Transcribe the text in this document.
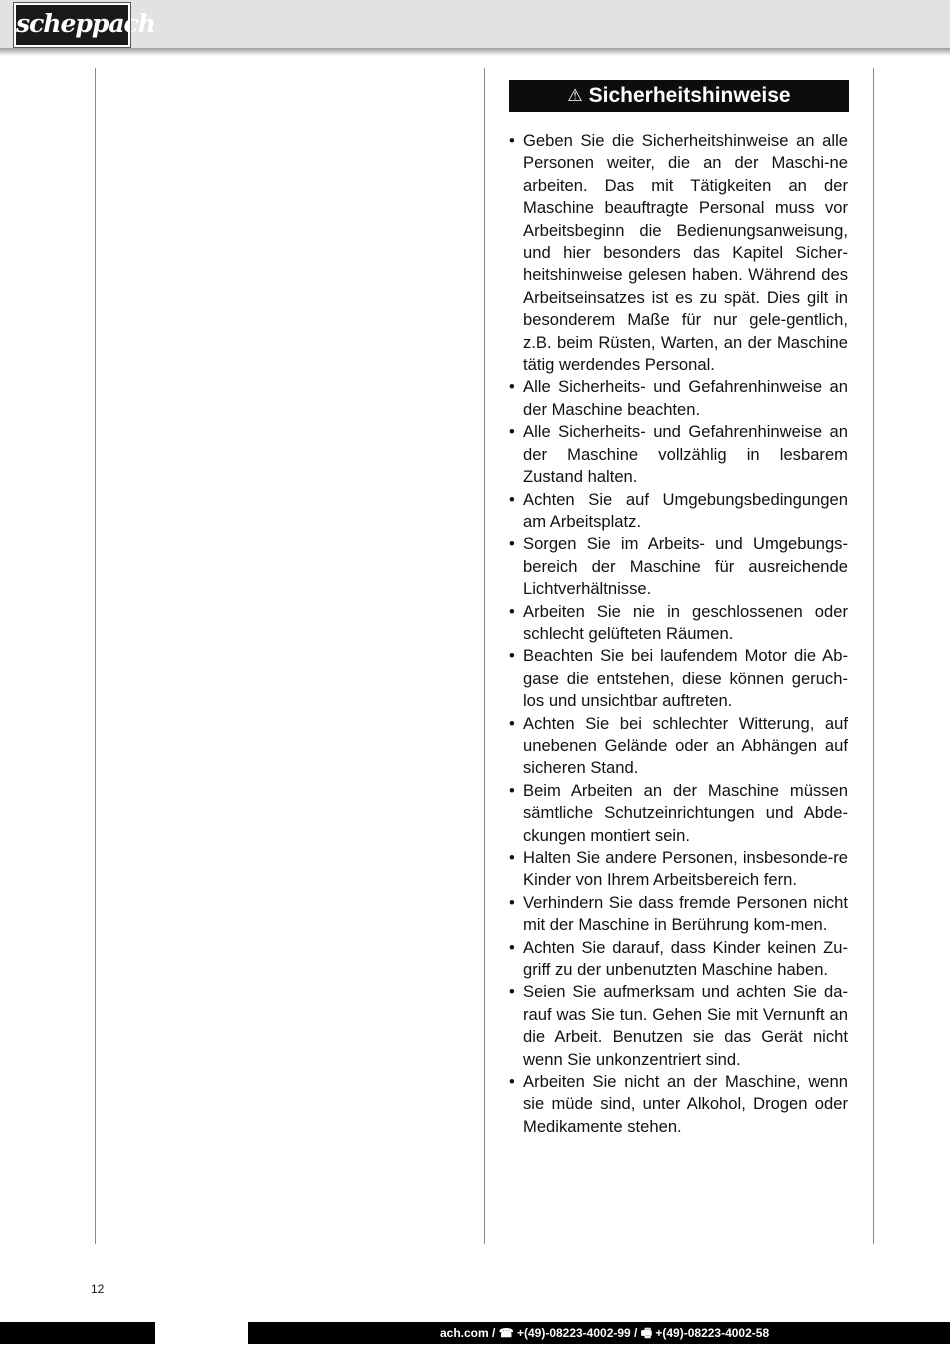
scheppach
⚠ Sicherheitshinweise
• Geben Sie die Sicherheitshinweise an alle Personen weiter, die an der Maschi-ne arbeiten. Das mit Tätigkeiten an der Maschine beauftragte Personal muss vor Arbeitsbeginn die Bedienungsanweisung, und hier besonders das Kapitel Sicher-heitshinweise gelesen haben. Während des Arbeitseinsatzes ist es zu spät. Dies gilt in besonderem Maße für nur gele-gentlich, z.B. beim Rüsten, Warten, an der Maschine tätig werdendes Personal.
• Alle Sicherheits- und Gefahrenhinweise an der Maschine beachten.
• Alle Sicherheits- und Gefahrenhinweise an der Maschine vollzählig in lesbarem Zustand halten.
• Achten Sie auf Umgebungsbedingungen am Arbeitsplatz.
• Sorgen Sie im Arbeits- und Umgebungs-bereich der Maschine für ausreichende Lichtverhältnisse.
• Arbeiten Sie nie in geschlossenen oder schlecht gelüfteten Räumen.
• Beachten Sie bei laufendem Motor die Ab-gase die entstehen, diese können geruch-los und unsichtbar auftreten.
• Achten Sie bei schlechter Witterung, auf unebenen Gelände oder an Abhängen auf sicheren Stand.
• Beim Arbeiten an der Maschine müssen sämtliche Schutzeinrichtungen und Abde-ckungen montiert sein.
• Halten Sie andere Personen, insbesonde-re Kinder von Ihrem Arbeitsbereich fern.
• Verhindern Sie dass fremde Personen nicht mit der Maschine in Berührung kom-men.
• Achten Sie darauf, dass Kinder keinen Zu-griff zu der unbenutzten Maschine haben.
• Seien Sie aufmerksam und achten Sie da-rauf was Sie tun. Gehen Sie mit Vernunft an die Arbeit. Benutzen sie das Gerät nicht wenn Sie unkonzentriert sind.
• Arbeiten Sie nicht an der Maschine, wenn sie müde sind, unter Alkohol, Drogen oder Medikamente stehen.
12
ach.com / ☎ +(49)-08223-4002-99 / 🖷 +(49)-08223-4002-58
